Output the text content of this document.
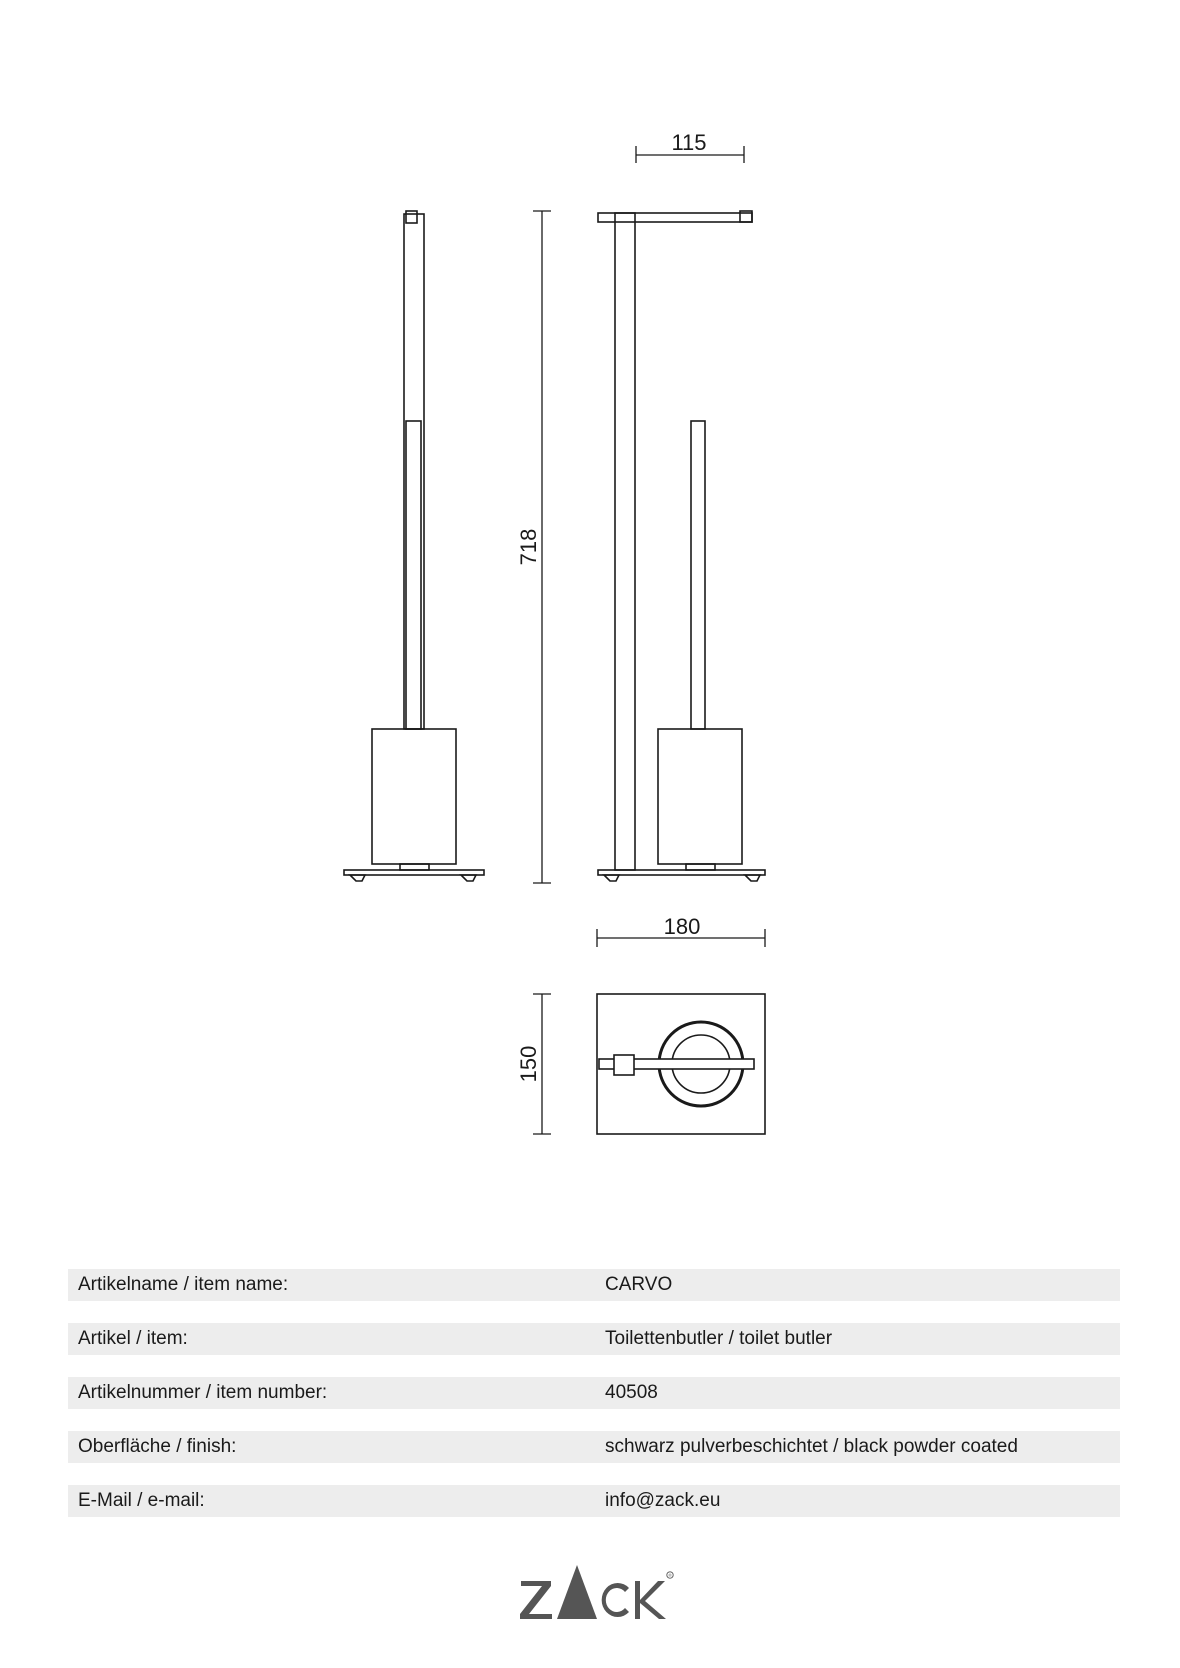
115
718
180
150
Artikelname / item name:	CARVO
Artikel / item:	Toilettenbutler / toilet butler
Artikelnummer / item number:	40508
Oberfläche / finish:	schwarz pulverbeschichtet / black powder coated
E-Mail / e-mail:	info@zack.eu
®
